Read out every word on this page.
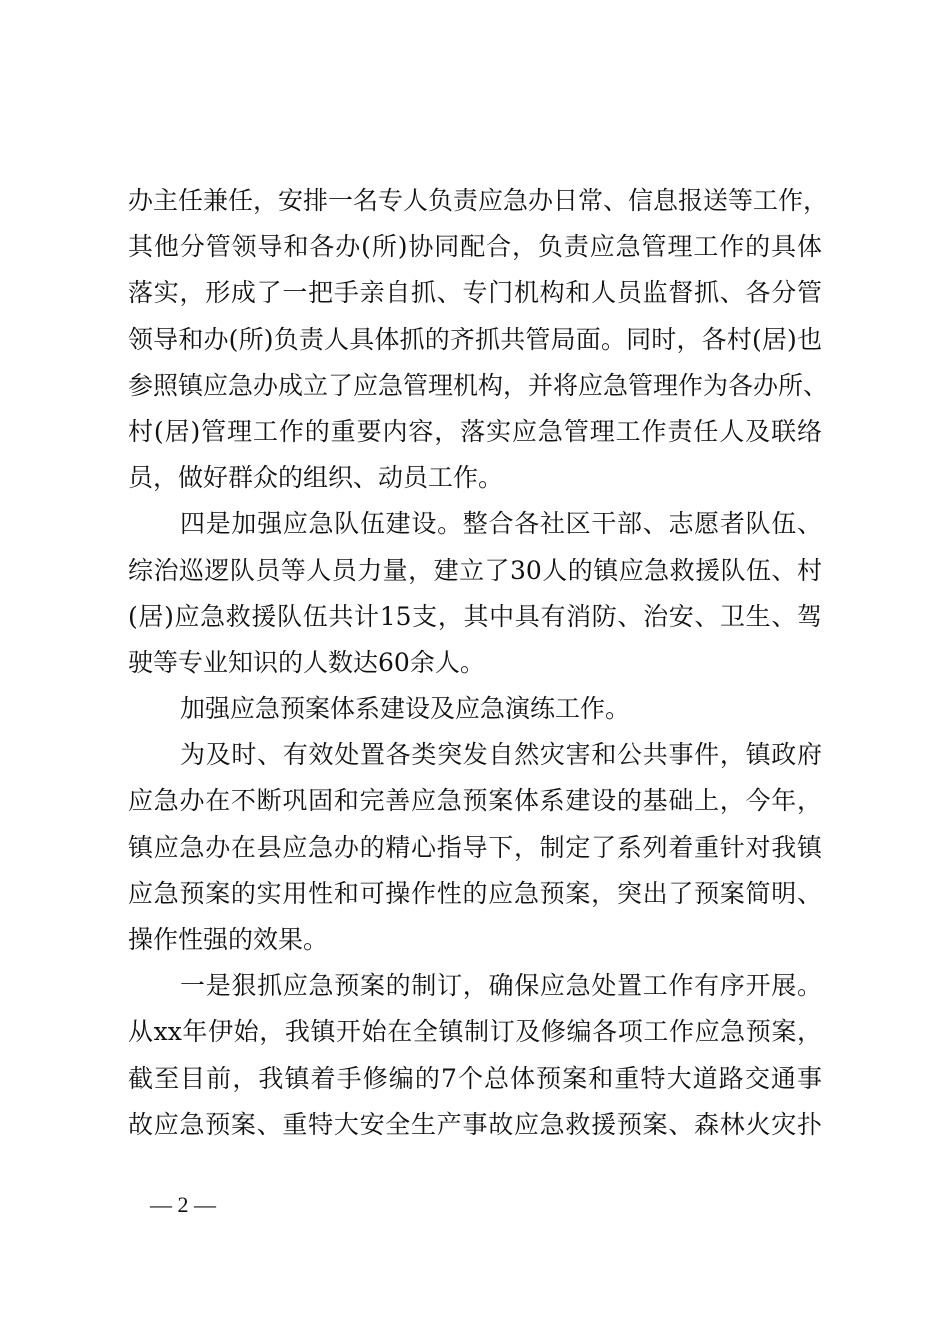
办主任兼任，安排一名专人负责应急办日常、信息报送等工作，
其他分管领导和各办(所)协同配合，负责应急管理工作的具体
落实，形成了一把手亲自抓、专门机构和人员监督抓、各分管
领导和办(所)负责人具体抓的齐抓共管局面。同时，各村(居)也
参照镇应急办成立了应急管理机构，并将应急管理作为各办所、
村(居)管理工作的重要内容，落实应急管理工作责任人及联络
员，做好群众的组织、动员工作。
四是加强应急队伍建设。整合各社区干部、志愿者队伍、
综治巡逻队员等人员力量，建立了30人的镇应急救援队伍、村
(居)应急救援队伍共计15支，其中具有消防、治安、卫生、驾
驶等专业知识的人数达60余人。
加强应急预案体系建设及应急演练工作。
为及时、有效处置各类突发自然灾害和公共事件，镇政府
应急办在不断巩固和完善应急预案体系建设的基础上，今年，
镇应急办在县应急办的精心指导下，制定了系列着重针对我镇
应急预案的实用性和可操作性的应急预案，突出了预案简明、
操作性强的效果。
一是狠抓应急预案的制订，确保应急处置工作有序开展。
从xx年伊始，我镇开始在全镇制订及修编各项工作应急预案，
截至目前，我镇着手修编的7个总体预案和重特大道路交通事
故应急预案、重特大安全生产事故应急救援预案、森林火灾扑
— 2 —
